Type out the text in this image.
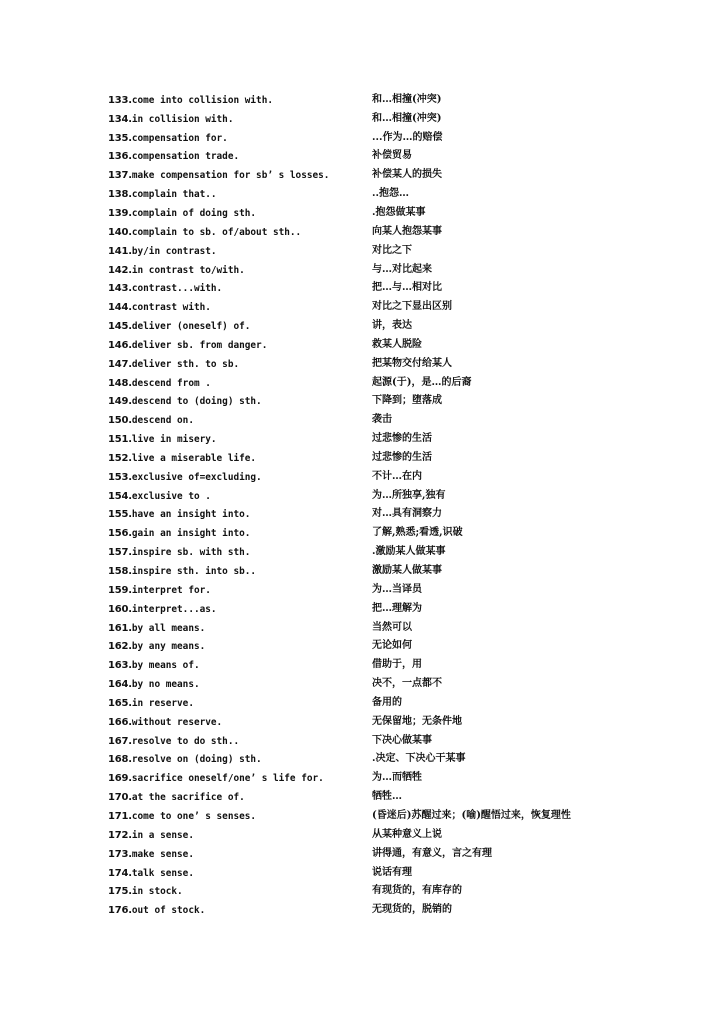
133.come into collision with.	和…相撞(冲突)
134.in collision with.	和…相撞(冲突)
135.compensation for.	...作为…的赔偿
136.compensation trade.	补偿贸易
137.make compensation for sb’ s losses.	补偿某人的损失
138.complain that..	..抱怨…
139.complain of doing sth.	.抱怨做某事
140.complain to sb. of/about sth..	向某人抱怨某事
141.by/in contrast.	对比之下
142.in contrast to/with.	与…对比起来
143.contrast...with.	把…与…相对比
144.contrast with.	对比之下显出区别
145.deliver (oneself) of.	讲，表达
146.deliver sb. from danger.	救某人脱险
147.deliver sth. to sb.	把某物交付给某人
148.descend from .	起源(于)，是…的后裔
149.descend to (doing) sth.	下降到；堕落成
150.descend on.	袭击
151.live in misery.	过悲惨的生活
152.live a miserable life.	过悲惨的生活
153.exclusive of=excluding.	不计…在内
154.exclusive to .	为…所独享,独有
155.have an insight into.	对…具有洞察力
156.gain an insight into.	了解,熟悉;看透,识破
157.inspire sb. with sth.	.激励某人做某事
158.inspire sth. into sb..	激励某人做某事
159.interpret for.	为…当译员
160.interpret...as.	把…理解为
161.by all means.	当然可以
162.by any means.	无论如何
163.by means of.	借助于，用
164.by no means.	决不，一点都不
165.in reserve.	备用的
166.without reserve.	无保留地；无条件地
167.resolve to do sth..	下决心做某事
168.resolve on (doing) sth.	.决定、下决心干某事
169.sacrifice oneself/one’ s life for.	为…而牺牲
170.at the sacrifice of.	牺牲…
171.come to one’ s senses.	(昏迷后)苏醒过来；(喻)醒悟过来，恢复理性
172.in a sense.	从某种意义上说
173.make sense.	讲得通，有意义，言之有理
174.talk sense.	说话有理
175.in stock.	有现货的，有库存的
176.out of stock.	无现货的，脱销的
